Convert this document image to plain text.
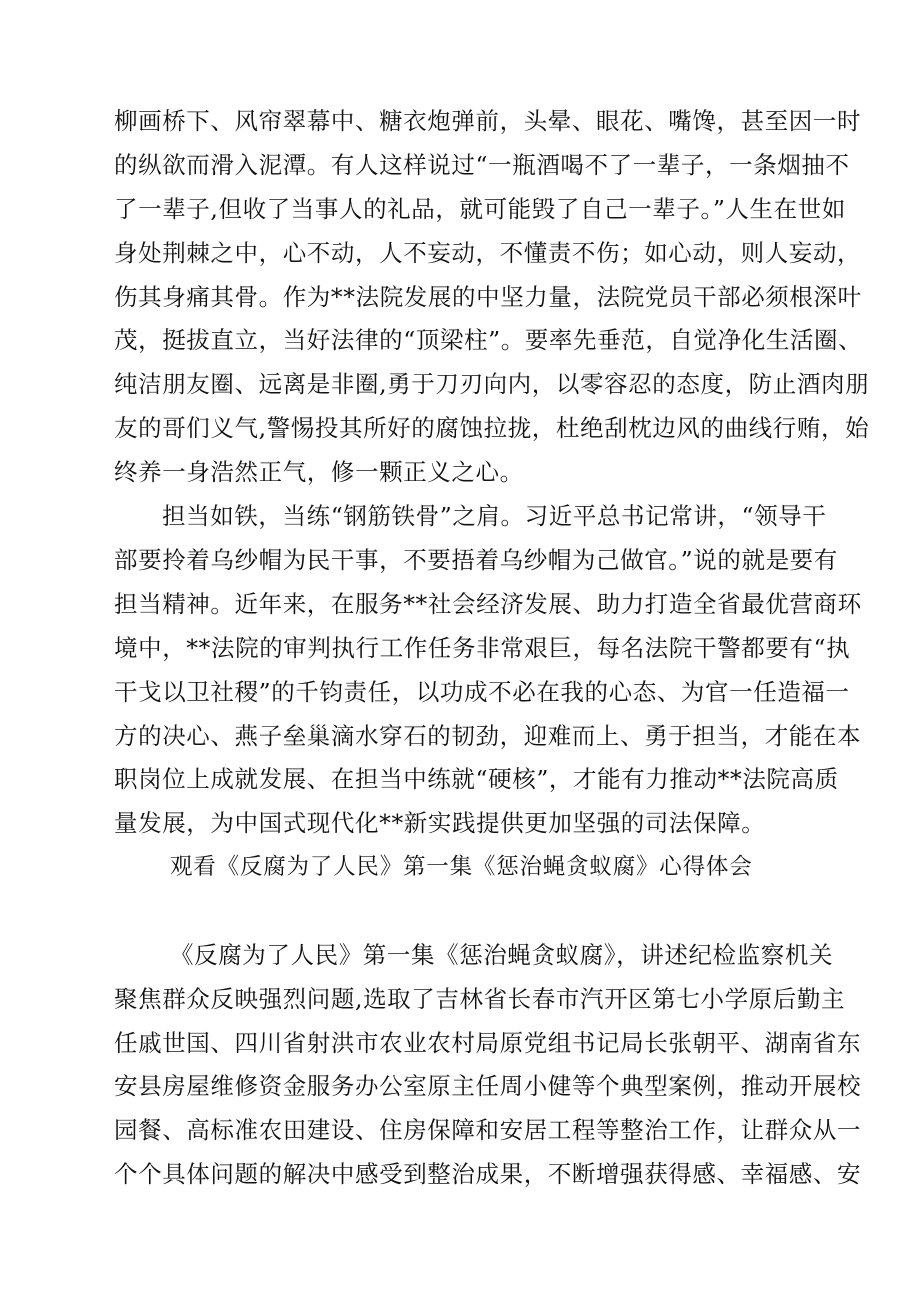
柳画桥下、风帘翠幕中、糖衣炮弹前，头晕、眼花、嘴馋，甚至因一时
的纵欲而滑入泥潭。有人这样说过“一瓶酒喝不了一辈子，一条烟抽不
了一辈子,但收了当事人的礼品，就可能毁了自己一辈子。”人生在世如
身处荆棘之中，心不动，人不妄动，不懂责不伤；如心动，则人妄动，
伤其身痛其骨。作为**法院发展的中坚力量，法院党员干部必须根深叶
茂，挺拔直立，当好法律的“顶梁柱”。要率先垂范，自觉净化生活圈、
纯洁朋友圈、远离是非圈,勇于刀刃向内，以零容忍的态度，防止酒肉朋
友的哥们义气,警惕投其所好的腐蚀拉拢，杜绝刮枕边风的曲线行贿，始
终养一身浩然正气，修一颗正义之心。
担当如铁，当练“钢筋铁骨”之肩。习近平总书记常讲，“领导干
部要拎着乌纱帽为民干事，不要捂着乌纱帽为己做官。”说的就是要有
担当精神。近年来，在服务**社会经济发展、助力打造全省最优营商环
境中，**法院的审判执行工作任务非常艰巨，每名法院干警都要有“执
干戈以卫社稷”的千钧责任，以功成不必在我的心态、为官一任造福一
方的决心、燕子垒巢滴水穿石的韧劲，迎难而上、勇于担当，才能在本
职岗位上成就发展、在担当中练就“硬核”，才能有力推动**法院高质
量发展，为中国式现代化**新实践提供更加坚强的司法保障。
观看《反腐为了人民》第一集《惩治蝇贪蚁腐》心得体会
《反腐为了人民》第一集《惩治蝇贪蚁腐》，讲述纪检监察机关
聚焦群众反映强烈问题,选取了吉林省长春市汽开区第七小学原后勤主
任戚世国、四川省射洪市农业农村局原党组书记局长张朝平、湖南省东
安县房屋维修资金服务办公室原主任周小健等个典型案例，推动开展校
园餐、高标准农田建设、住房保障和安居工程等整治工作，让群众从一
个个具体问题的解决中感受到整治成果，不断增强获得感、幸福感、安
